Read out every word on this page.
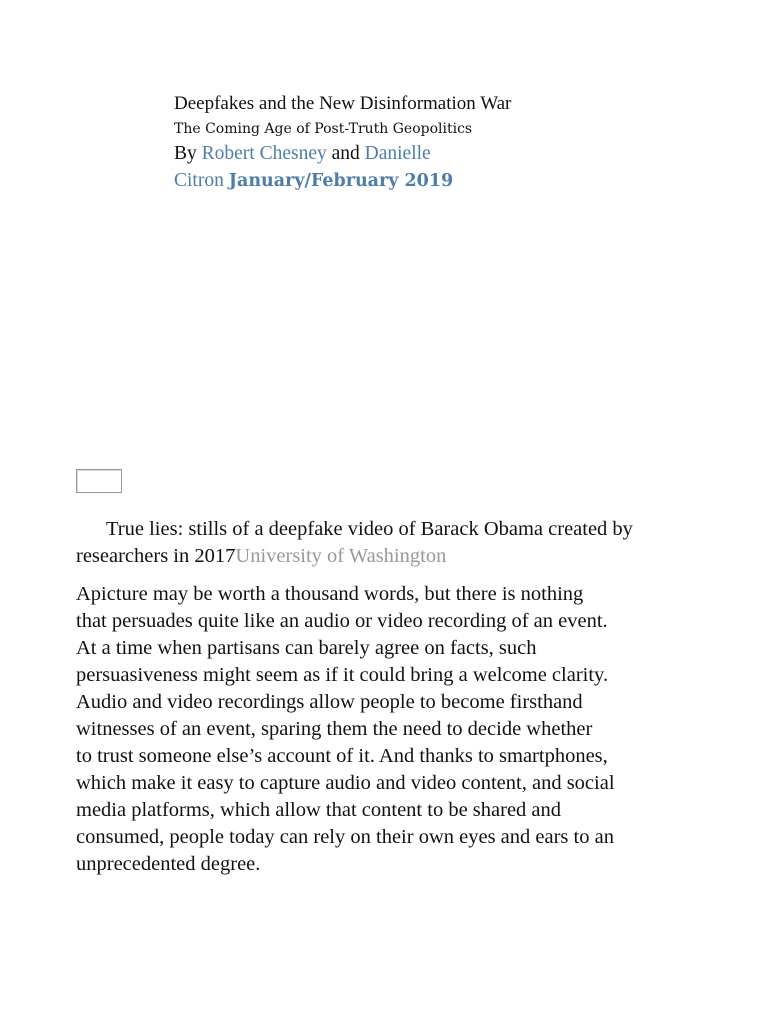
Deepfakes and the New Disinformation War
The Coming Age of Post-Truth Geopolitics
By Robert Chesney and Danielle
Citron January/February 2019
True lies: stills of a deepfake video of Barack Obama created by researchers in 2017University of Washington
Apicture may be worth a thousand words, but there is nothing
that persuades quite like an audio or video recording of an event.
At a time when partisans can barely agree on facts, such
persuasiveness might seem as if it could bring a welcome clarity.
Audio and video recordings allow people to become firsthand
witnesses of an event, sparing them the need to decide whether
to trust someone else’s account of it. And thanks to smartphones,
which make it easy to capture audio and video content, and social
media platforms, which allow that content to be shared and
consumed, people today can rely on their own eyes and ears to an
unprecedented degree.
